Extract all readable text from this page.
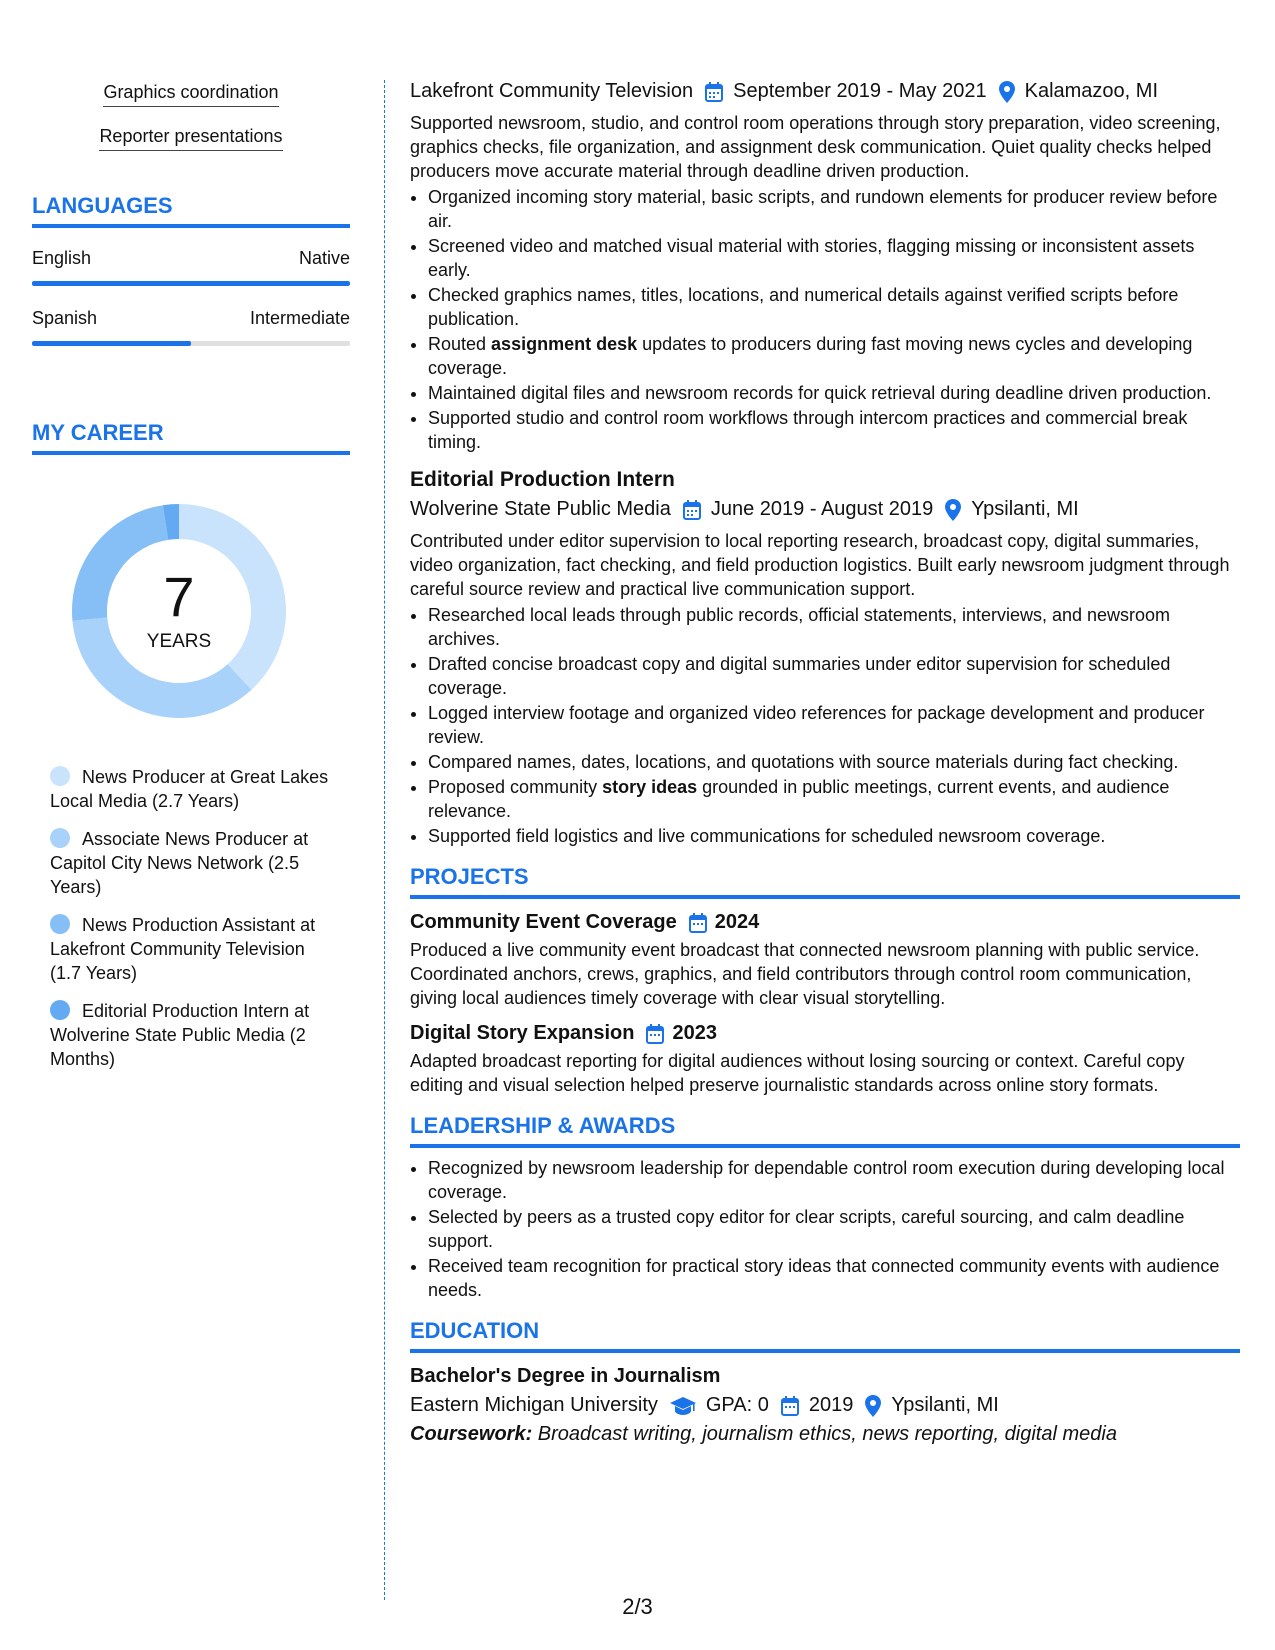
Graphics coordination
Reporter presentations
LANGUAGES
English	Native
Spanish	Intermediate
MY CAREER
7
YEARS
News Producer at Great Lakes Local Media (2.7 Years)
Associate News Producer at Capitol City News Network (2.5 Years)
News Production Assistant at Lakefront Community Television (1.7 Years)
Editorial Production Intern at Wolverine State Public Media (2 Months)
Lakefront Community Television September 2019 - May 2021 Kalamazoo, MI
Supported newsroom, studio, and control room operations through story preparation, video screening, graphics checks, file organization, and assignment desk communication. Quiet quality checks helped producers move accurate material through deadline driven production.
• Organized incoming story material, basic scripts, and rundown elements for producer review before air.
• Screened video and matched visual material with stories, flagging missing or inconsistent assets early.
• Checked graphics names, titles, locations, and numerical details against verified scripts before publication.
• Routed assignment desk updates to producers during fast moving news cycles and developing coverage.
• Maintained digital files and newsroom records for quick retrieval during deadline driven production.
• Supported studio and control room workflows through intercom practices and commercial break timing.
Editorial Production Intern
Wolverine State Public Media June 2019 - August 2019 Ypsilanti, MI
Contributed under editor supervision to local reporting research, broadcast copy, digital summaries, video organization, fact checking, and field production logistics. Built early newsroom judgment through careful source review and practical live communication support.
• Researched local leads through public records, official statements, interviews, and newsroom archives.
• Drafted concise broadcast copy and digital summaries under editor supervision for scheduled coverage.
• Logged interview footage and organized video references for package development and producer review.
• Compared names, dates, locations, and quotations with source materials during fact checking.
• Proposed community story ideas grounded in public meetings, current events, and audience relevance.
• Supported field logistics and live communications for scheduled newsroom coverage.
PROJECTS
Community Event Coverage 2024
Produced a live community event broadcast that connected newsroom planning with public service. Coordinated anchors, crews, graphics, and field contributors through control room communication, giving local audiences timely coverage with clear visual storytelling.
Digital Story Expansion 2023
Adapted broadcast reporting for digital audiences without losing sourcing or context. Careful copy editing and visual selection helped preserve journalistic standards across online story formats.
LEADERSHIP & AWARDS
• Recognized by newsroom leadership for dependable control room execution during developing local coverage.
• Selected by peers as a trusted copy editor for clear scripts, careful sourcing, and calm deadline support.
• Received team recognition for practical story ideas that connected community events with audience needs.
EDUCATION
Bachelor's Degree in Journalism
Eastern Michigan University GPA: 0 2019 Ypsilanti, MI
Coursework: Broadcast writing, journalism ethics, news reporting, digital media
2/3
